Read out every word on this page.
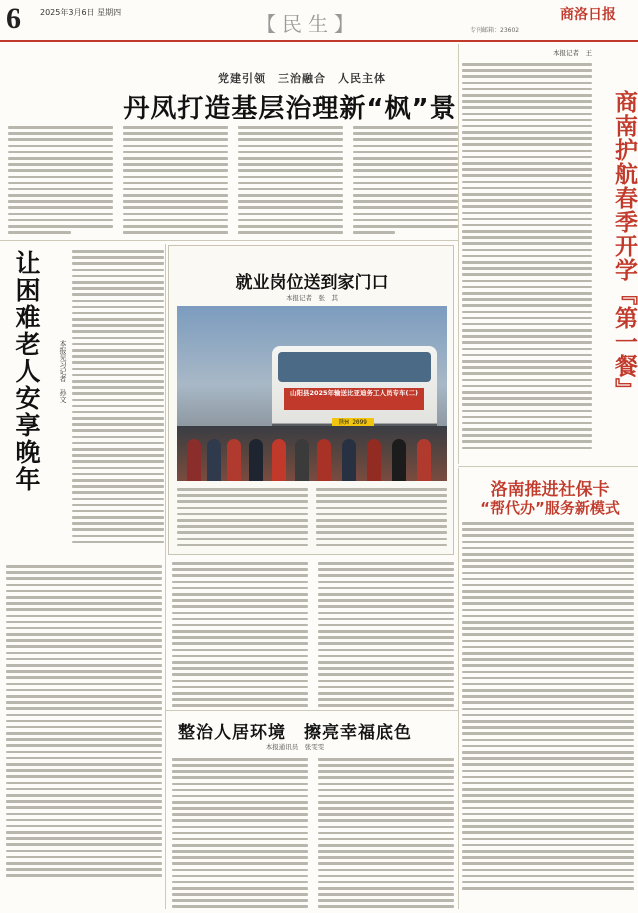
6 2025年3月6日 星期四	【民生】	专刊邮箱：23602
商洛日报
党建引领　三治融合　人民主体
丹凤打造基层治理新“枫”景
让困难老人安享晚年	本报见习记者　孙文
就业岗位送到家门口
本报记者　张　其
山阳县2025年输送比亚迪务工人员专车(二)
陕H 2099
本报记者　王　
商南护航春季开学『第一餐』
洛南推进社保卡
“帮代办”服务新模式
整治人居环境　擦亮幸福底色
本报通讯员　张雯雯
